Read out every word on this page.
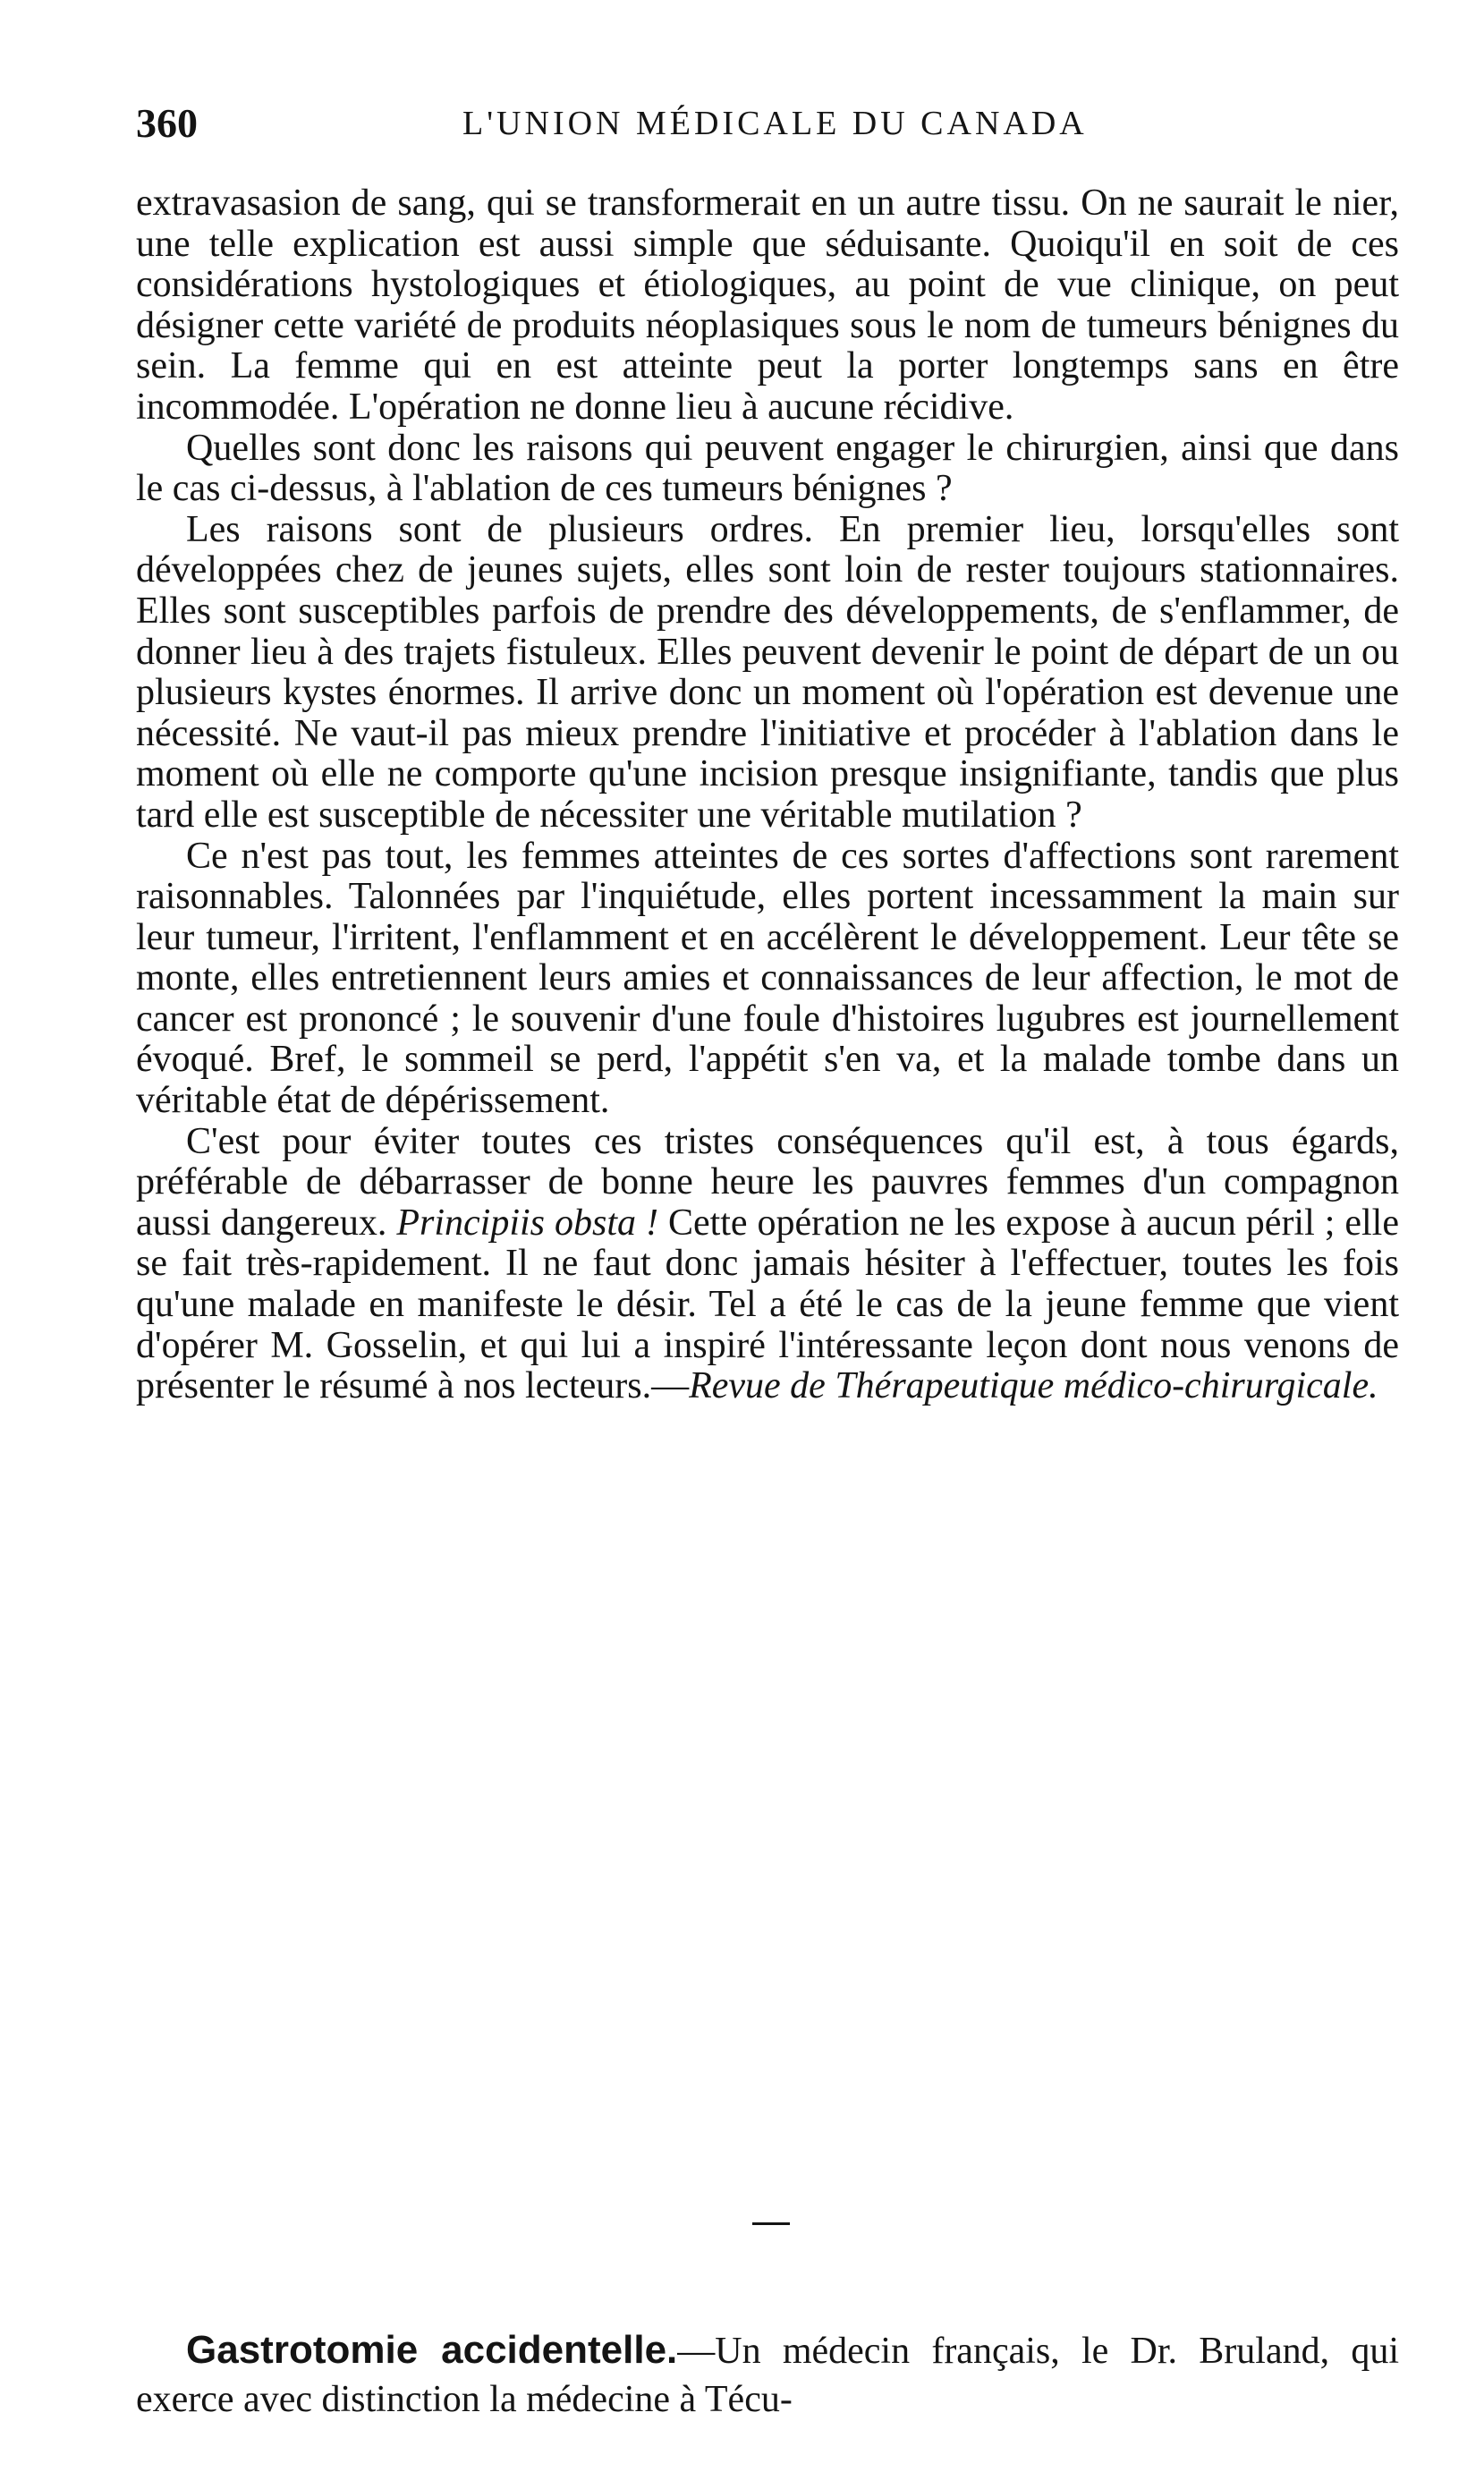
360	L'UNION MÉDICALE DU CANADA

extravasasion de sang, qui se transformerait en un autre tissu. On ne saurait le nier, une telle explication est aussi simple que séduisante. Quoiqu'il en soit de ces considérations hystologiques et étiologiques, au point de vue clinique, on peut désigner cette variété de produits néoplasiques sous le nom de tumeurs bénignes du sein. La femme qui en est atteinte peut la porter longtemps sans en être incommodée. L'opération ne donne lieu à aucune récidive.

Quelles sont donc les raisons qui peuvent engager le chirurgien, ainsi que dans le cas ci-dessus, à l'ablation de ces tumeurs bénignes ?

Les raisons sont de plusieurs ordres. En premier lieu, lorsqu'elles sont développées chez de jeunes sujets, elles sont loin de rester toujours stationnaires. Elles sont susceptibles parfois de prendre des développements, de s'enflammer, de donner lieu à des trajets fistuleux. Elles peuvent devenir le point de départ de un ou plusieurs kystes énormes. Il arrive donc un moment où l'opération est devenue une nécessité. Ne vaut-il pas mieux prendre l'initiative et procéder à l'ablation dans le moment où elle ne comporte qu'une incision presque insignifiante, tandis que plus tard elle est susceptible de nécessiter une véritable mutilation ?

Ce n'est pas tout, les femmes atteintes de ces sortes d'affections sont rarement raisonnables. Talonnées par l'inquiétude, elles portent incessamment la main sur leur tumeur, l'irritent, l'enflamment et en accélèrent le développement. Leur tête se monte, elles entretiennent leurs amies et connaissances de leur affection, le mot de cancer est prononcé ; le souvenir d'une foule d'histoires lugubres est journellement évoqué. Bref, le sommeil se perd, l'appétit s'en va, et la malade tombe dans un véritable état de dépérissement.

C'est pour éviter toutes ces tristes conséquences qu'il est, à tous égards, préférable de débarrasser de bonne heure les pauvres femmes d'un compagnon aussi dangereux. Principiis obsta ! Cette opération ne les expose à aucun péril ; elle se fait très-rapidement. Il ne faut donc jamais hésiter à l'effectuer, toutes les fois qu'une malade en manifeste le désir. Tel a été le cas de la jeune femme que vient d'opérer M. Gosselin, et qui lui a inspiré l'intéressante leçon dont nous venons de présenter le résumé à nos lecteurs.—Revue de Thérapeutique médico-chirurgicale.

Gastrotomie accidentelle.—Un médecin français, le Dr. Bruland, qui exerce avec distinction la médecine à Técu-
